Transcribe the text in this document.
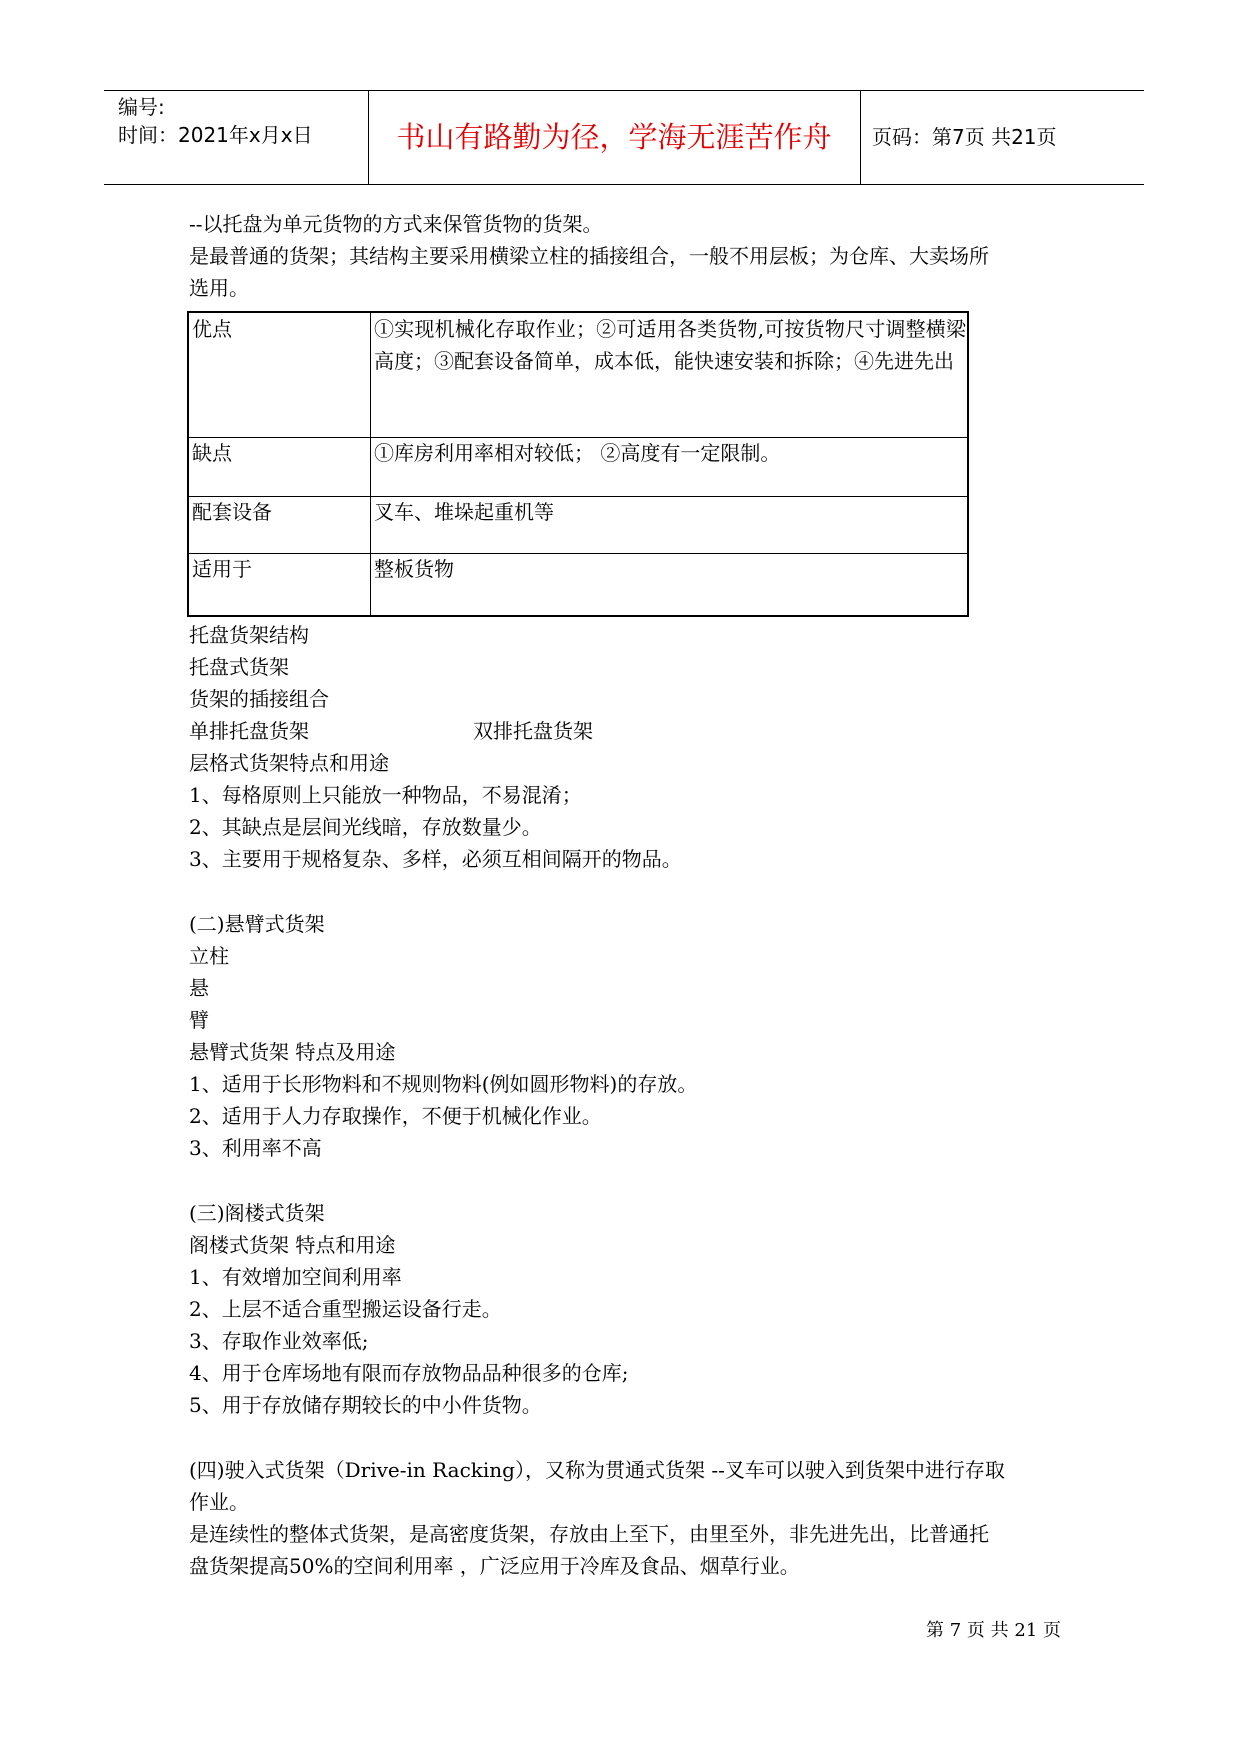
编号:
时间：2021年x月x日	书山有路勤为径，学海无涯苦作舟	页码：第7页 共21页
--以托盘为单元货物的方式来保管货物的货架。
是最普通的货架；其结构主要采用横梁立柱的插接组合，一般不用层板；为仓库、大卖场所
选用。
优点	①实现机械化存取作业；②可适用各类货物,可按货物尺寸调整横梁高度；③配套设备简单，成本低，能快速安装和拆除；④先进先出
缺点	①库房利用率相对较低； ②高度有一定限制。
配套设备	叉车、堆垛起重机等
适用于	整板货物
托盘货架结构
托盘式货架
货架的插接组合
单排托盘货架	双排托盘货架
层格式货架特点和用途
1、每格原则上只能放一种物品，不易混淆；
2、其缺点是层间光线暗，存放数量少。
3、主要用于规格复杂、多样，必须互相间隔开的物品。
(二)悬臂式货架
立柱
悬
臂
悬臂式货架 特点及用途
1、适用于长形物料和不规则物料(例如圆形物料)的存放。
2、适用于人力存取操作，不便于机械化作业。
3、利用率不高
(三)阁楼式货架
阁楼式货架 特点和用途
1、有效增加空间利用率
2、上层不适合重型搬运设备行走。
3、存取作业效率低;
4、用于仓库场地有限而存放物品品种很多的仓库;
5、用于存放储存期较长的中小件货物。
(四)驶入式货架（Drive-in Racking），又称为贯通式货架 --叉车可以驶入到货架中进行存取
作业。
是连续性的整体式货架，是高密度货架，存放由上至下，由里至外，非先进先出，比普通托
盘货架提高50%的空间利用率 ，广泛应用于冷库及食品、烟草行业。
第 7 页 共 21 页
